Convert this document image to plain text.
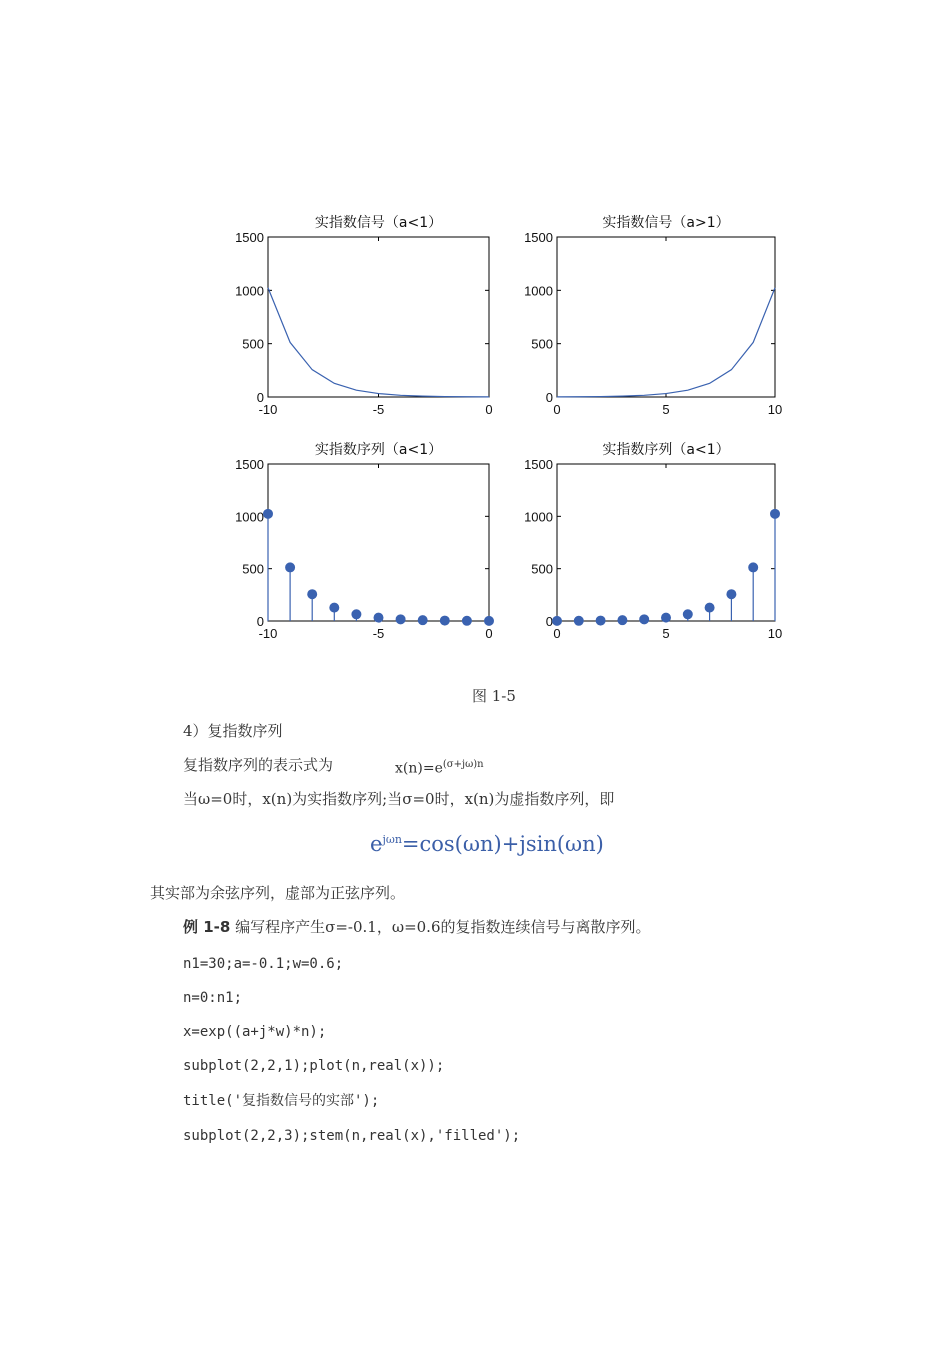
实指数信号（a<1）
0
500
1000
1500
-10	-5	0
实指数信号（a>1）
0
500
1000
1500
0	5	10
实指数序列（a<1）
0
500
1000
1500
-10	-5	0
实指数序列（a<1）
0
500
1000
1500
0	5	10
图 1-5
4）复指数序列
复指数序列的表示式为	$x(n)=e^{(\sigma+j\omega)n}$
当ω=0时，x(n)为实指数序列;当σ=0时，x(n)为虚指数序列，即
$e^{j\omega n}=\cos(\omega n)+jsin(\omega n)$
其实部为余弦序列，虚部为正弦序列。
例 1-8 编写程序产生σ=-0.1，ω=0.6的复指数连续信号与离散序列。
n1=30;a=-0.1;w=0.6;
n=0:n1;
x=exp((a+j*w)*n);
subplot(2,2,1);plot(n,real(x));
title('复指数信号的实部');
subplot(2,2,3);stem(n,real(x),'filled');
